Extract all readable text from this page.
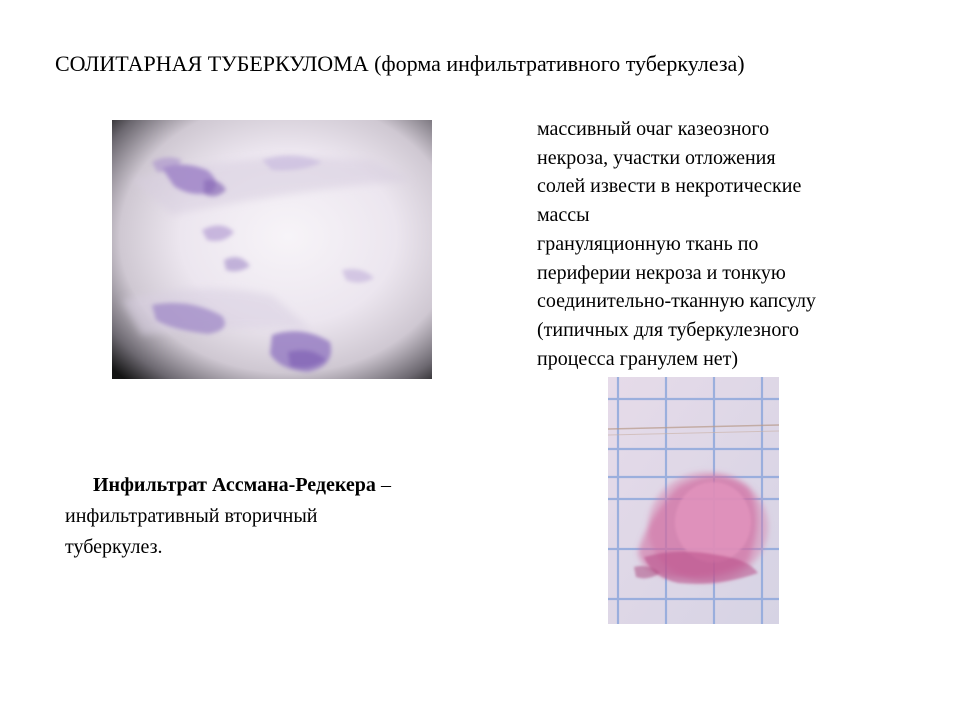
СОЛИТАРНАЯ ТУБЕРКУЛОМА (форма инфильтративного туберкулеза)
массивный очаг казеозного
некроза, участки отложения
солей извести в некротические
массы
грануляционную ткань по
периферии некроза и тонкую
соединительно-тканную капсулу
(типичных для туберкулезного
процесса гранулем нет)
Инфильтрат Ассмана-Редекера –
инфильтративный вторичный
туберкулез.
